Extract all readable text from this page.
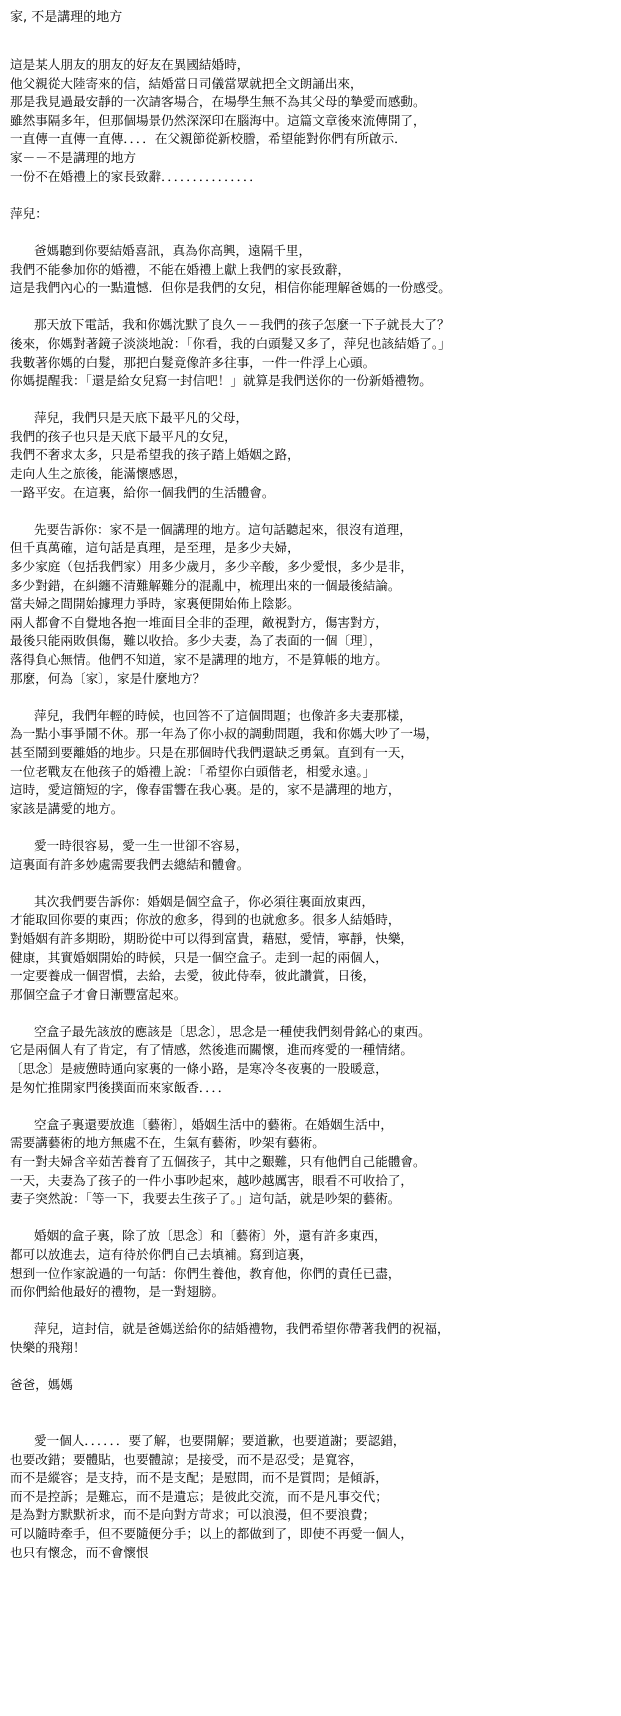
家, 不是講理的地方
這是某人朋友的朋友的好友在異國結婚時，
他父親從大陸寄來的信，結婚當日司儀當眾就把全文朗誦出來，
那是我見過最安靜的一次請客場合，在場學生無不為其父母的摯愛而感動。
雖然事隔多年，但那個場景仍然深深印在腦海中。這篇文章後來流傳開了，
一直傳一直傳一直傳．．．．在父親節從新校謄，希望能對你們有所啟示．
家－－不是講理的地方
一份不在婚禮上的家長致辭．．．．．．．．．．．．．．．
萍兒：
爸媽聽到你要結婚喜訊，真為你高興，遠隔千里，
我們不能參加你的婚禮，不能在婚禮上獻上我們的家長致辭，
這是我們內心的一點遺憾．但你是我們的女兒，相信你能理解爸媽的一份感受。
那天放下電話，我和你媽沈默了良久－－我們的孩子怎麼一下子就長大了？
後來，你媽對著鏡子淡淡地說：「你看，我的白頭髮又多了，萍兒也該結婚了。」
我數著你媽的白髮，那把白髮竟像許多往事，一件一件浮上心頭。
你媽提醒我：「還是給女兒寫一封信吧！」就算是我們送你的一份新婚禮物。
萍兒，我們只是天底下最平凡的父母，
我們的孩子也只是天底下最平凡的女兒，
我們不奢求太多，只是希望我的孩子踏上婚姻之路，
走向人生之旅後，能滿懷感恩，
一路平安。在這裏，給你一個我們的生活體會。
先要告訴你：家不是一個講理的地方。這句話聽起來，很沒有道理，
但千真萬確，這句話是真理，是至理，是多少夫婦，
多少家庭（包括我們家）用多少歲月，多少辛酸，多少愛恨，多少是非，
多少對錯，在糾纏不清難解難分的混亂中，梳理出來的一個最後結論。
當夫婦之間開始據理力爭時，家裏便開始佈上陰影。
兩人都會不自覺地各抱一堆面目全非的歪理，敵視對方，傷害對方，
最後只能兩敗俱傷，難以收拾。多少夫妻，為了表面的一個〔理〕，
落得負心無情。他們不知道，家不是講理的地方，不是算帳的地方。
那麼，何為〔家〕，家是什麼地方？
萍兒，我們年輕的時候，也回答不了這個問題；也像許多夫妻那樣，
為一點小事爭鬧不休。那一年為了你小叔的調動問題，我和你媽大吵了一場，
甚至鬧到要離婚的地步。只是在那個時代我們還缺乏勇氣。直到有一天，
一位老戰友在他孩子的婚禮上說：「希望你白頭偕老，相愛永遠。」
這時，愛這簡短的字，像春雷響在我心裏。是的，家不是講理的地方，
家該是講愛的地方。
愛一時很容易，愛一生一世卻不容易，
這裏面有許多妙處需要我們去總結和體會。
其次我們要告訴你：婚姻是個空盒子，你必須往裏面放東西，
才能取回你要的東西；你放的愈多，得到的也就愈多。很多人結婚時，
對婚姻有許多期盼，期盼從中可以得到富貴，藉慰，愛情，寧靜，快樂，
健康，其實婚姻開始的時候，只是一個空盒子。走到一起的兩個人，
一定要養成一個習慣，去給，去愛，彼此侍奉，彼此讚賞，日後，
那個空盒子才會日漸豐富起來。
空盒子最先該放的應該是〔思念〕，思念是一種使我們刻骨銘心的東西。
它是兩個人有了肯定，有了情感，然後進而關懷，進而疼愛的一種情緒。
〔思念〕是疲憊時通向家裏的一條小路，是寒冷冬夜裏的一股暖意，
是匆忙推開家門後撲面而來家飯香．．．．
空盒子裏還要放進〔藝術〕，婚姻生活中的藝術。在婚姻生活中，
需要講藝術的地方無處不在，生氣有藝術，吵架有藝術。
有一對夫婦含辛茹苦養育了五個孩子，其中之艱難，只有他們自己能體會。
一天，夫妻為了孩子的一件小事吵起來，越吵越厲害，眼看不可收拾了，
妻子突然說：「等一下，我要去生孩子了。」這句話，就是吵架的藝術。
婚姻的盒子裏，除了放〔思念〕和〔藝術〕外，還有許多東西，
都可以放進去，這有待於你們自己去填補。寫到這裏，
想到一位作家說過的一句話：你們生養他，教育他，你們的責任已盡，
而你們給他最好的禮物，是一對翅膀。
萍兒，這封信，就是爸媽送給你的結婚禮物，我們希望你帶著我們的祝福，
快樂的飛翔！
爸爸，媽媽
愛一個人．．．．．．要了解，也要開解；要道歉，也要道謝；要認錯，
也要改錯；要體貼，也要體諒；是接受，而不是忍受；是寬容，
而不是縱容；是支持，而不是支配；是慰問，而不是質問；是傾訴，
而不是控訴；是難忘，而不是遺忘；是彼此交流，而不是凡事交代；
是為對方默默祈求，而不是向對方苛求；可以浪漫，但不要浪費；
可以隨時牽手，但不要隨便分手；以上的都做到了，即使不再愛一個人，
也只有懷念，而不會懷恨
